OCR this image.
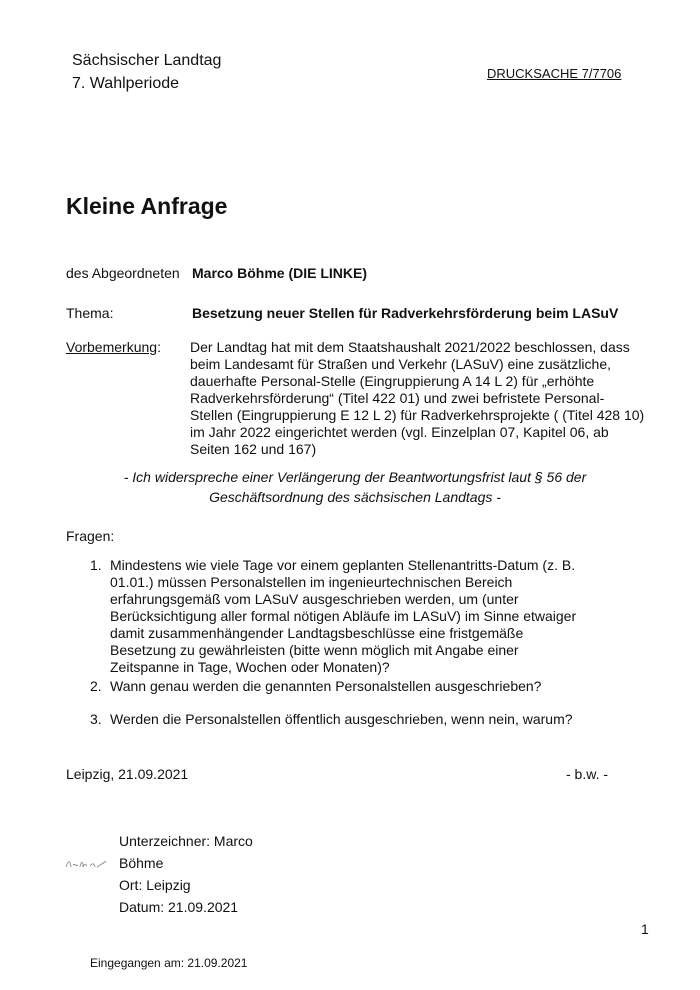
Sächsischer Landtag
7. Wahlperiode
DRUCKSACHE 7/7706
Kleine Anfrage
des Abgeordneten Marco Böhme (DIE LINKE)
Thema:	Besetzung neuer Stellen für Radverkehrsförderung beim LASuV
Vorbemerkung: Der Landtag hat mit dem Staatshaushalt 2021/2022 beschlossen, dass beim Landesamt für Straßen und Verkehr (LASuV) eine zusätzliche, dauerhafte Personal-Stelle (Eingruppierung A 14 L 2) für „erhöhte Radverkehrsförderung“ (Titel 422 01) und zwei befristete Personal-Stellen (Eingruppierung E 12 L 2) für Radverkehrsprojekte ( (Titel 428 10) im Jahr 2022 eingerichtet werden (vgl. Einzelplan 07, Kapitel 06, ab Seiten 162 und 167)
- Ich widerspreche einer Verlängerung der Beantwortungsfrist laut § 56 der
Geschäftsordnung des sächsischen Landtags -
Fragen:
1. Mindestens wie viele Tage vor einem geplanten Stellenantritts-Datum (z. B. 01.01.) müssen Personalstellen im ingenieurtechnischen Bereich erfahrungsgemäß vom LASuV ausgeschrieben werden, um (unter Berücksichtigung aller formal nötigen Abläufe im LASuV) im Sinne etwaiger damit zusammenhängender Landtagsbeschlüsse eine fristgemäße Besetzung zu gewährleisten (bitte wenn möglich mit Angabe einer Zeitspanne in Tage, Wochen oder Monaten)?
2. Wann genau werden die genannten Personalstellen ausgeschrieben?
3. Werden die Personalstellen öffentlich ausgeschrieben, wenn nein, warum?
Leipzig, 21.09.2021	- b.w. -
Unterzeichner: Marco
Böhme
Ort: Leipzig
Datum: 21.09.2021
1
Eingegangen am: 21.09.2021
